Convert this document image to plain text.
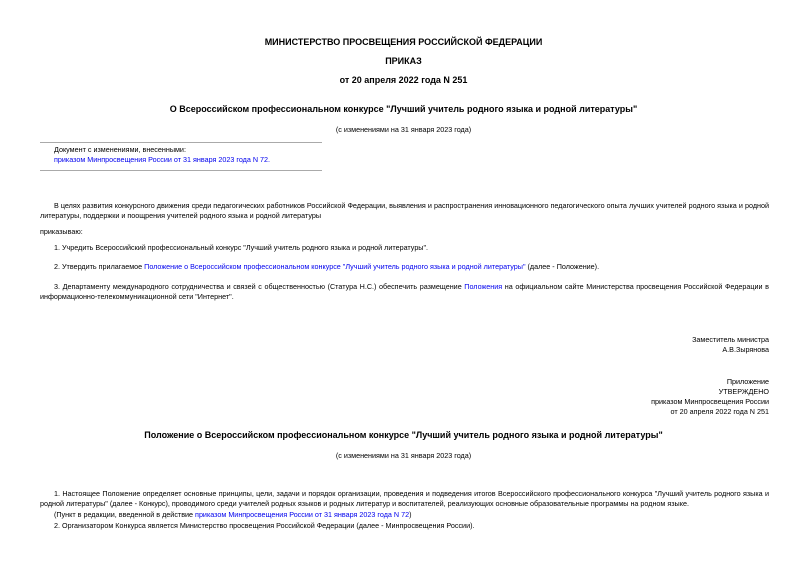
МИНИСТЕРСТВО ПРОСВЕЩЕНИЯ РОССИЙСКОЙ ФЕДЕРАЦИИ

ПРИКАЗ

от 20 апреля 2022 года N 251

О Всероссийском профессиональном конкурсе "Лучший учитель родного языка и родной литературы"

(с изменениями на 31 января 2023 года)

Документ с изменениями, внесенными:

приказом Минпросвещения России от 31 января 2023 года N 72.

В целях развития конкурсного движения среди педагогических работников Российской Федерации, выявления и распространения инновационного педагогического опыта лучших учителей родного языка и родной литературы, поддержки и поощрения учителей родного языка и родной литературы

приказываю:

1. Учредить Всероссийский профессиональный конкурс "Лучший учитель родного языка и родной литературы".

2. Утвердить прилагаемое Положение о Всероссийском профессиональном конкурсе "Лучший учитель родного языка и родной литературы" (далее - Положение).

3. Департаменту международного сотрудничества и связей с общественностью (Статура Н.С.) обеспечить размещение Положения на официальном сайте Министерства просвещения Российской Федерации в информационно-телекоммуникационной сети "Интернет".

Заместитель министра

А.В.Зырянова

Приложение

УТВЕРЖДЕНО

приказом Минпросвещения России

от 20 апреля 2022 года N 251

Положение о Всероссийском профессиональном конкурсе "Лучший учитель родного языка и родной литературы"

(с изменениями на 31 января 2023 года)

1. Настоящее Положение определяет основные принципы, цели, задачи и порядок организации, проведения и подведения итогов Всероссийского профессионального конкурса "Лучший учитель родного языка и родной литературы" (далее - Конкурс), проводимого среди учителей родных языков и родных литератур и воспитателей, реализующих основные образовательные программы на родном языке.

(Пункт в редакции, введенной в действие приказом Минпросвещения России от 31 января 2023 года N 72)

2. Организатором Конкурса является Министерство просвещения Российской Федерации (далее - Минпросвещения России).
